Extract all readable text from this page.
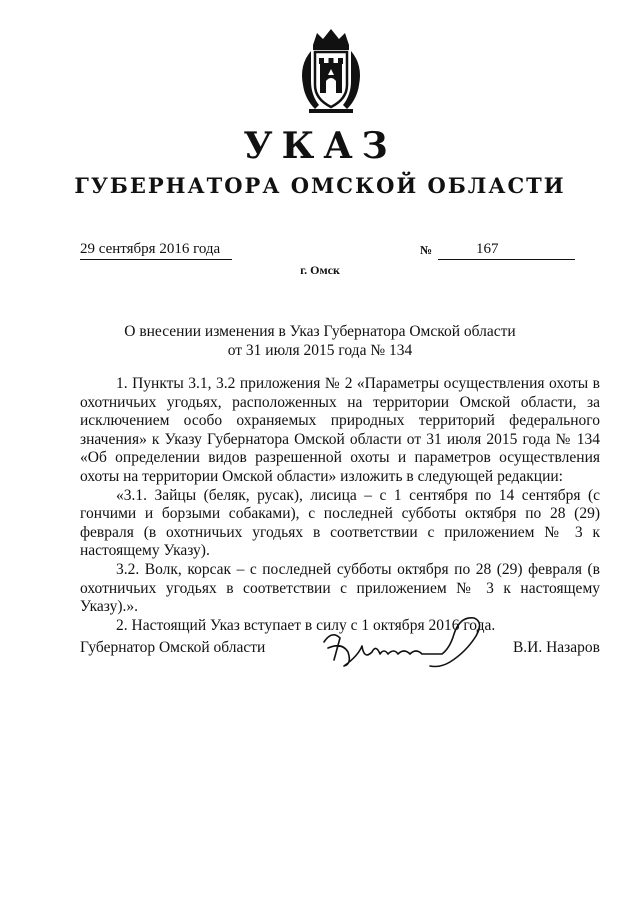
УКАЗ
ГУБЕРНАТОРА ОМСКОЙ ОБЛАСТИ
29 сентября 2016 года	№	167
г. Омск
О внесении изменения в Указ Губернатора Омской области
от 31 июля 2015 года № 134

1. Пункты 3.1, 3.2 приложения № 2 «Параметры осуществления охоты в охотничьих угодьях, расположенных на территории Омской области, за исключением особо охраняемых природных территорий федерального значения» к Указу Губернатора Омской области от 31 июля 2015 года № 134 «Об определении видов разрешенной охоты и параметров осуществления охоты на территории Омской области» изложить в следующей редакции:

«3.1. Зайцы (беляк, русак), лисица – с 1 сентября по 14 сентября (с гончими и борзыми собаками), с последней субботы октября по 28 (29) февраля (в охотничьих угодьях в соответствии с приложением № 3 к настоящему Указу).

3.2. Волк, корсак – с последней субботы октября по 28 (29) февраля (в охотничьих угодьях в соответствии с приложением № 3 к настоящему Указу).».

2. Настоящий Указ вступает в силу с 1 октября 2016 года.

Губернатор Омской области	В.И. Назаров
